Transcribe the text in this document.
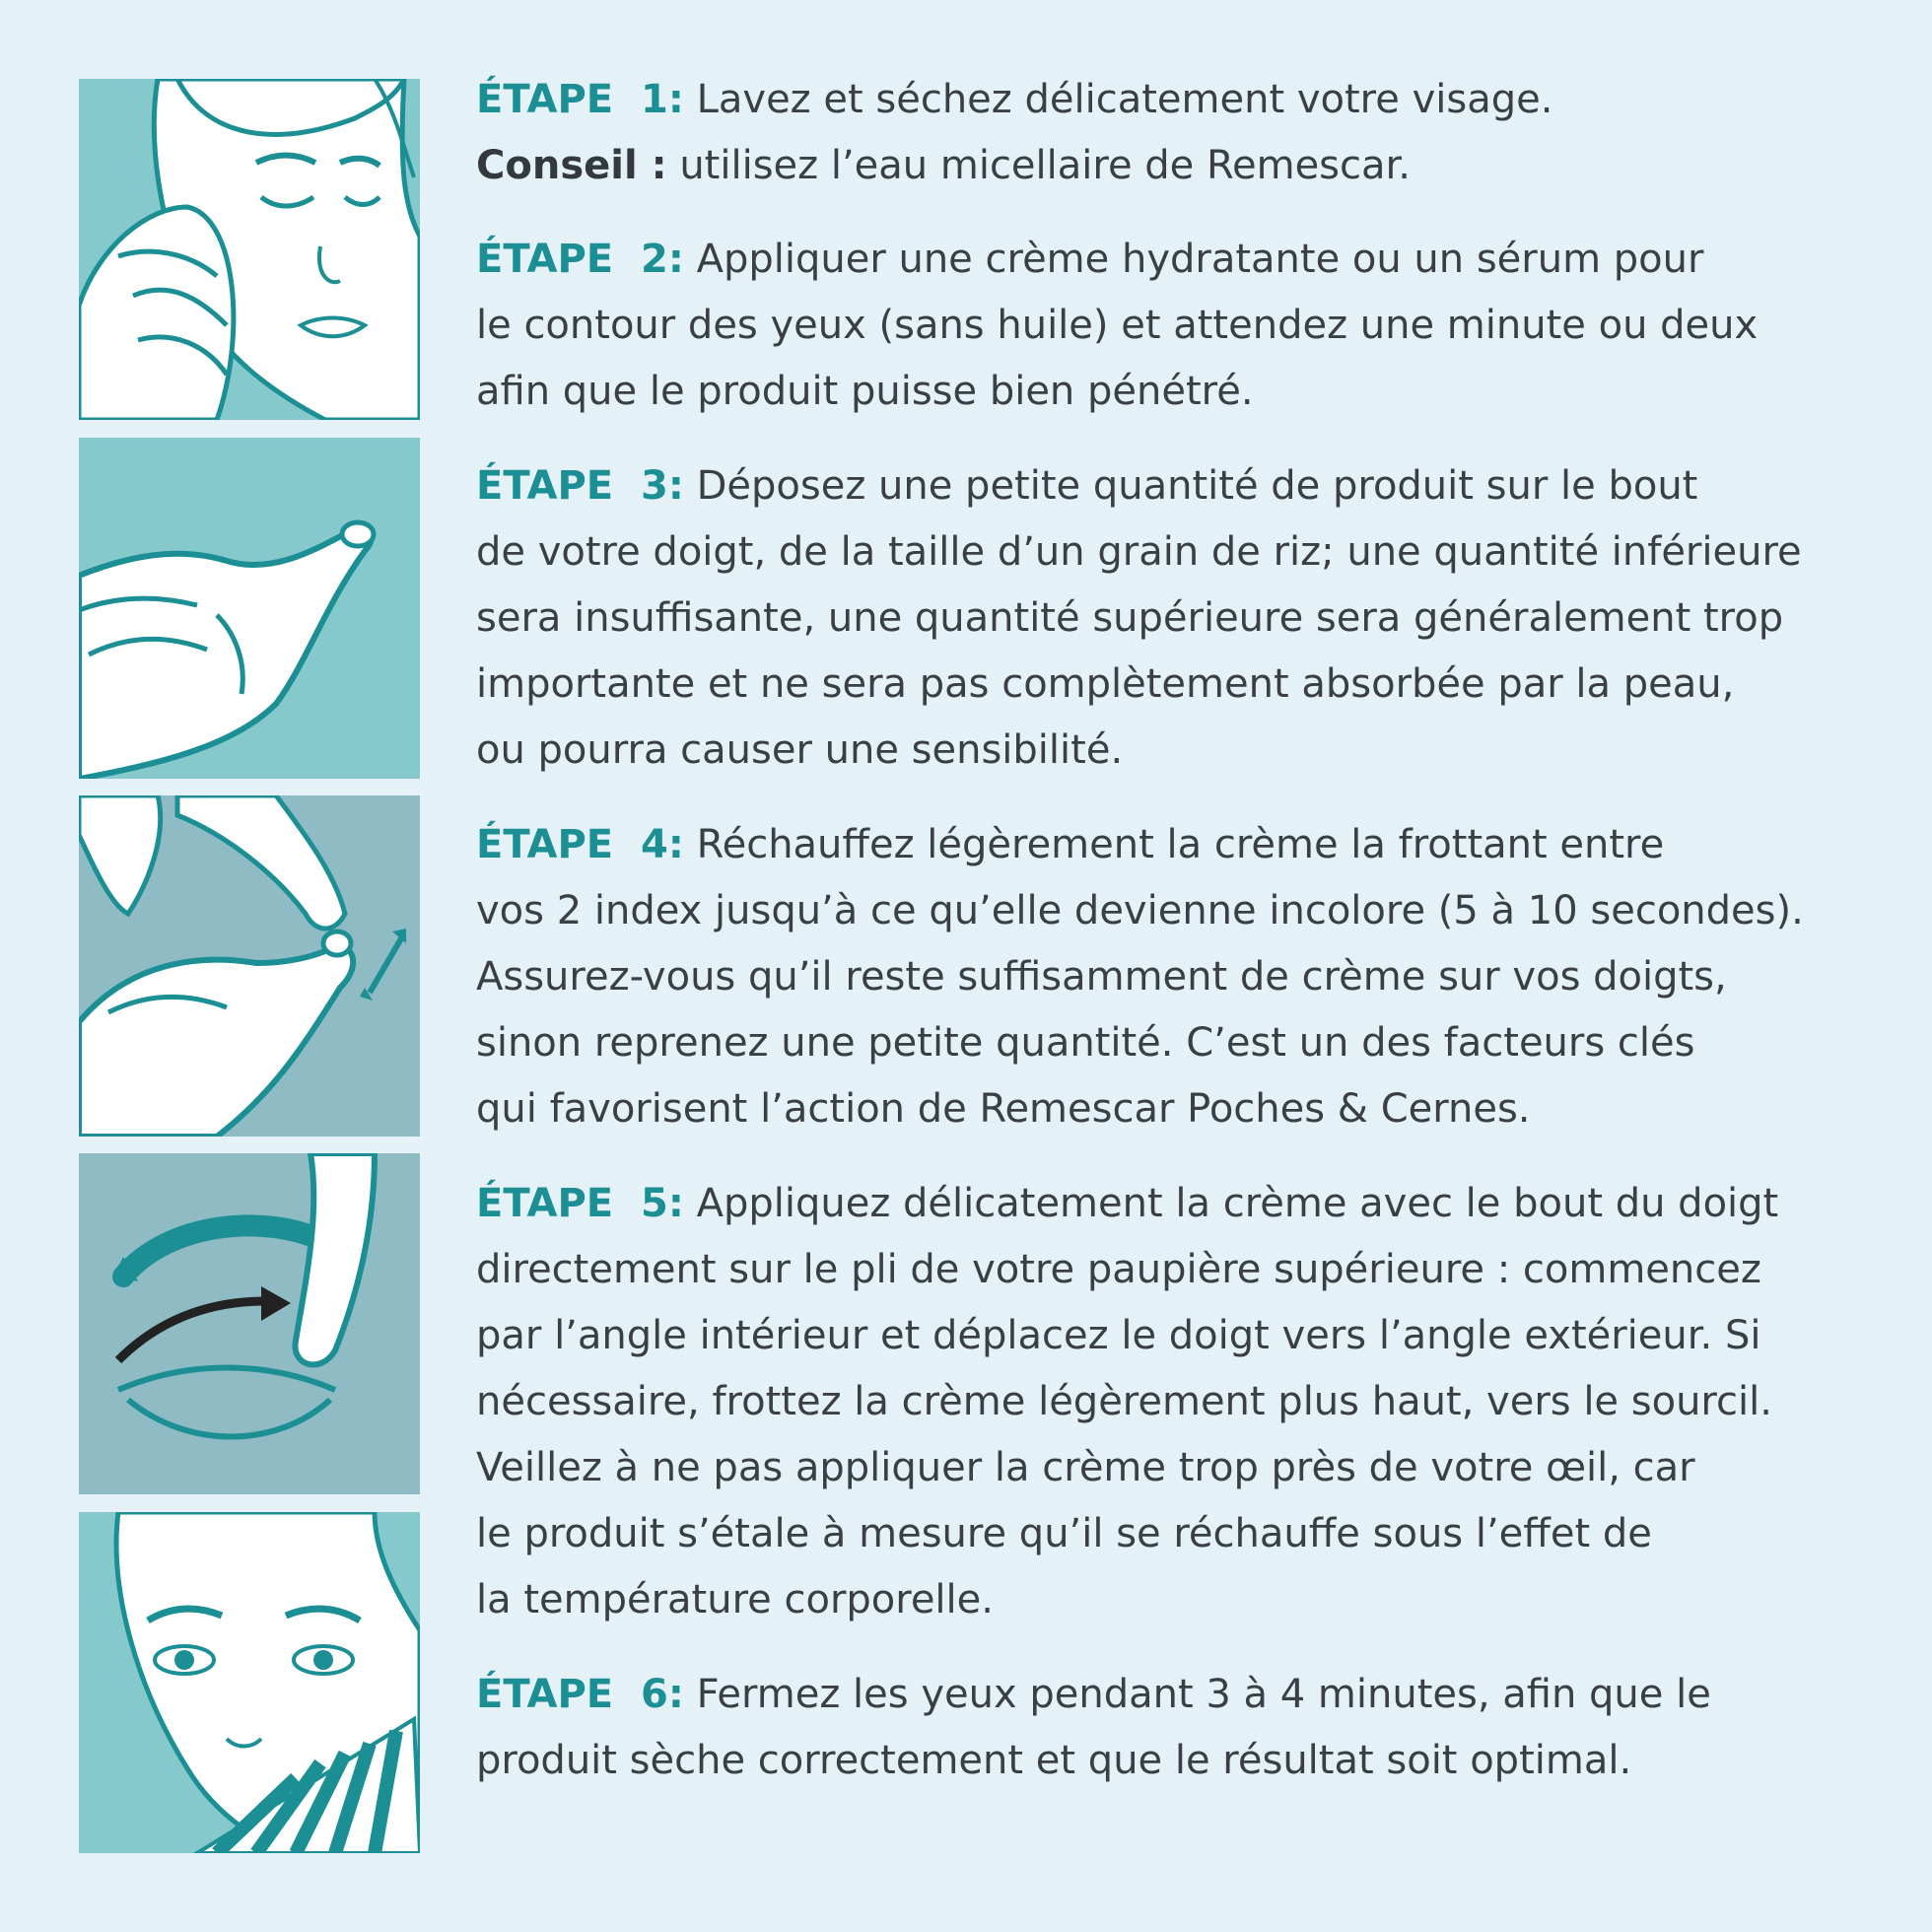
ÉTAPE 1: Lavez et séchez délicatement votre visage.

Conseil : utilisez l’eau micellaire de Remescar.

ÉTAPE 2: Appliquer une crème hydratante ou un sérum pour

le contour des yeux (sans huile) et attendez une minute ou deux

afin que le produit puisse bien pénétré.

ÉTAPE 3: Déposez une petite quantité de produit sur le bout

de votre doigt, de la taille d’un grain de riz; une quantité inférieure

sera insuffisante, une quantité supérieure sera généralement trop

importante et ne sera pas complètement absorbée par la peau,

ou pourra causer une sensibilité.

ÉTAPE 4: Réchauffez légèrement la crème la frottant entre

vos 2 index jusqu’à ce qu’elle devienne incolore (5 à 10 secondes).

Assurez-vous qu’il reste suffisamment de crème sur vos doigts,

sinon reprenez une petite quantité. C’est un des facteurs clés

qui favorisent l’action de Remescar Poches & Cernes.

ÉTAPE 5: Appliquez délicatement la crème avec le bout du doigt

directement sur le pli de votre paupière supérieure : commencez

par l’angle intérieur et déplacez le doigt vers l’angle extérieur. Si

nécessaire, frottez la crème légèrement plus haut, vers le sourcil.

Veillez à ne pas appliquer la crème trop près de votre œil, car

le produit s’étale à mesure qu’il se réchauffe sous l’effet de

la température corporelle.

ÉTAPE 6: Fermez les yeux pendant 3 à 4 minutes, afin que le

produit sèche correctement et que le résultat soit optimal.
